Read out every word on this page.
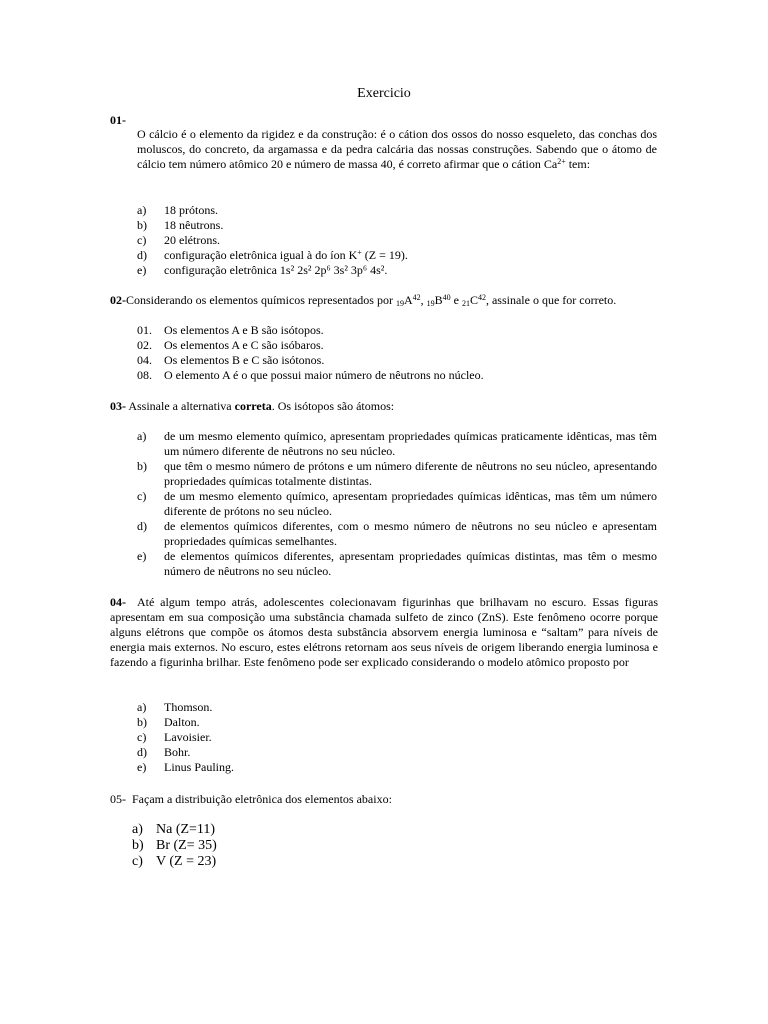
Exercicio
01-
O cálcio é o elemento da rigidez e da construção: é o cátion dos ossos do nosso esqueleto, das conchas dos moluscos, do concreto, da argamassa e da pedra calcária das nossas construções. Sabendo que o átomo de cálcio tem número atômico 20 e número de massa 40, é correto afirmar que o cátion $Ca^{2+}$ tem:
a) 18 prótons.
b) 18 nêutrons.
c) 20 elétrons.
d) configuração eletrônica igual à do íon K+ (Z = 19).
e) configuração eletrônica 1s² 2s² 2p⁶ 3s² 3p⁶ 4s².
02-Considerando os elementos químicos representados por $_{19}A^{42}$, $_{19}B^{40}$ e $_{21}C^{42}$, assinale o que for correto.
01. Os elementos A e B são isótopos.
02. Os elementos A e C são isóbaros.
04. Os elementos B e C são isótonos.
08. O elemento A é o que possui maior número de nêutrons no núcleo.
03- Assinale a alternativa correta. Os isótopos são átomos:
a) de um mesmo elemento químico, apresentam propriedades químicas praticamente idênticas, mas têm um número diferente de nêutrons no seu núcleo.
b) que têm o mesmo número de prótons e um número diferente de nêutrons no seu núcleo, apresentando propriedades químicas totalmente distintas.
c) de um mesmo elemento químico, apresentam propriedades químicas idênticas, mas têm um número diferente de prótons no seu núcleo.
d) de elementos químicos diferentes, com o mesmo número de nêutrons no seu núcleo e apresentam propriedades químicas semelhantes.
e) de elementos químicos diferentes, apresentam propriedades químicas distintas, mas têm o mesmo número de nêutrons no seu núcleo.
04-  Até algum tempo atrás, adolescentes colecionavam figurinhas que brilhavam no escuro. Essas figuras apresentam em sua composição uma substância chamada sulfeto de zinco (ZnS). Este fenômeno ocorre porque alguns elétrons que compõe os átomos desta substância absorvem energia luminosa e “saltam” para níveis de energia mais externos. No escuro, estes elétrons retornam aos seus níveis de origem liberando energia luminosa e fazendo a figurinha brilhar. Este fenômeno pode ser explicado considerando o modelo atômico proposto por
a) Thomson.
b) Dalton.
c) Lavoisier.
d) Bohr.
e) Linus Pauling.
05-  Façam a distribuição eletrônica dos elementos abaixo:
a) Na (Z=11)
b) Br (Z= 35)
c) V (Z = 23)
